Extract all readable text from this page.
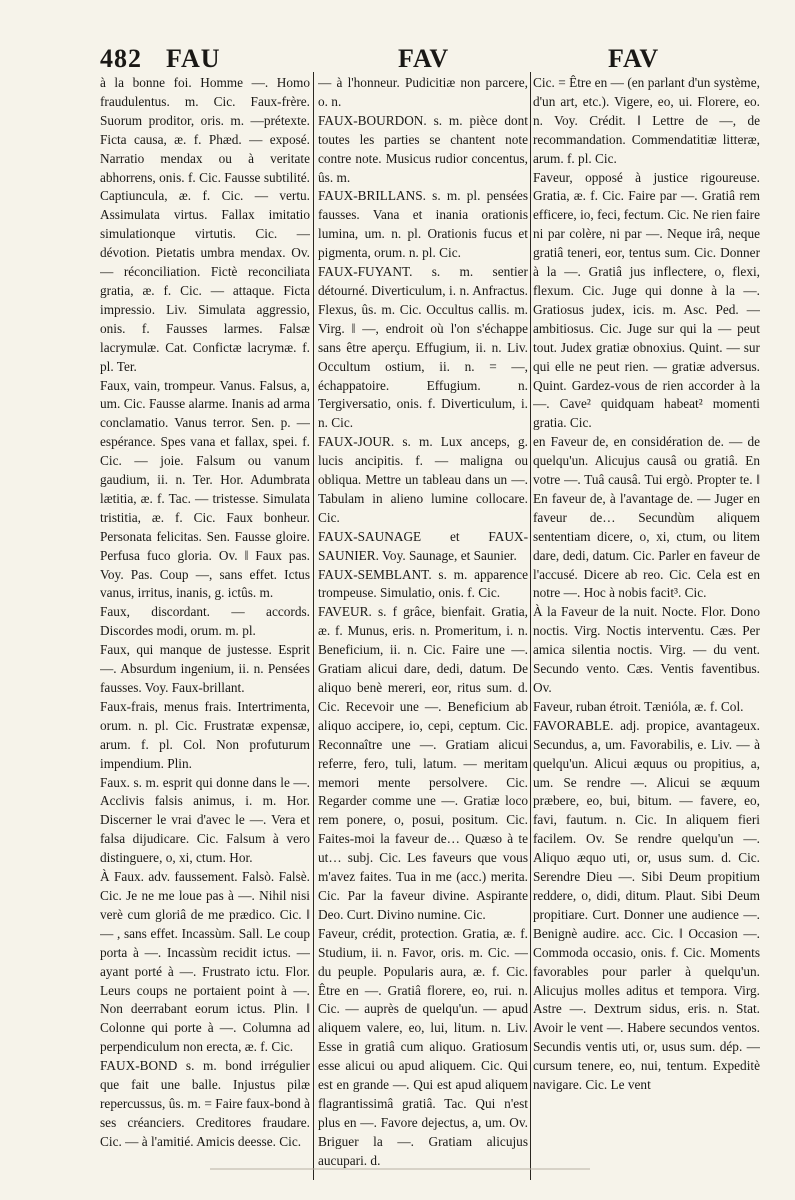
482 FAU	FAV	FAV

à la bonne foi. Homme —. Homo fraudulentus. m. Cic. Faux-frère. Suorum proditor, oris. m. —prétexte. Ficta causa, æ. f. Phæd. — exposé. Narratio mendax ou à veritate abhorrens, onis. f. Cic. Fausse subtilité. Captiuncula, æ. f. Cic. — vertu. Assimulata virtus. Fallax imitatio simulationque virtutis. Cic. — dévotion. Pietatis umbra mendax. Ov. — réconciliation. Fictè reconciliata gratia, æ. f. Cic. — attaque. Ficta impressio. Liv. Simulata aggressio, onis. f. Fausses larmes. Falsæ lacrymulæ. Cat. Confictæ lacrymæ. f. pl. Ter.

Faux, vain, trompeur. Vanus. Falsus, a, um. Cic. Fausse alarme. Inanis ad arma conclamatio. Vanus terror. Sen. p. — espérance. Spes vana et fallax, spei. f. Cic. — joie. Falsum ou vanum gaudium, ii. n. Ter. Hor. Adumbrata lætitia, æ. f. Tac. — tristesse. Simulata tristitia, æ. f. Cic. Faux bonheur. Personata felicitas. Sen. Fausse gloire. Perfusa fuco gloria. Ov. ‖ Faux pas. Voy. Pas. Coup —, sans effet. Ictus vanus, irritus, inanis, g. ictûs. m.

Faux, discordant. — accords. Discordes modi, orum. m. pl.

Faux, qui manque de justesse. Esprit —. Absurdum ingenium, ii. n. Pensées fausses. Voy. Faux-brillant.

Faux-frais, menus frais. Intertrimenta, orum. n. pl. Cic. Frustratæ expensæ, arum. f. pl. Col. Non profuturum impendium. Plin.

Faux. s. m. esprit qui donne dans le —. Acclivis falsis animus, i. m. Hor. Discerner le vrai d'avec le —. Vera et falsa dijudicare. Cic. Falsum à vero distinguere, o, xi, ctum. Hor.

À Faux. adv. faussement. Falsò. Falsè. Cic. Je ne me loue pas à —. Nihil nisi verè cum gloriâ de me prædico. Cic. ‖ — , sans effet. Incassùm. Sall. Le coup porta à —. Incassùm recidit ictus. — ayant porté à —. Frustrato ictu. Flor. Leurs coups ne portaient point à —. Non deerrabant eorum ictus. Plin. ‖ Colonne qui porte à —. Columna ad perpendiculum non erecta, æ. f. Cic.

FAUX-BOND s. m. bond irrégulier que fait une balle. Injustus pilæ repercussus, ûs. m. = Faire faux-bond à ses créanciers. Creditores fraudare. Cic. — à l'amitié. Amicis deesse. Cic.

— à l'honneur. Pudicitiæ non parcere, o. n.

FAUX-BOURDON. s. m. pièce dont toutes les parties se chantent note contre note. Musicus rudior concentus, ûs. m.

FAUX-BRILLANS. s. m. pl. pensées fausses. Vana et inania orationis lumina, um. n. pl. Orationis fucus et pigmenta, orum. n. pl. Cic.

FAUX-FUYANT. s. m. sentier détourné. Diverticulum, i. n. Anfractus. Flexus, ûs. m. Cic. Occultus callis. m. Virg. ‖ —, endroit où l'on s'échappe sans être aperçu. Effugium, ii. n. Liv. Occultum ostium, ii. n. = —, échappatoire. Effugium. n. Tergiversatio, onis. f. Diverticulum, i. n. Cic.

FAUX-JOUR. s. m. Lux anceps, g. lucis ancipitis. f. — maligna ou obliqua. Mettre un tableau dans un —. Tabulam in alieno lumine collocare. Cic.

FAUX-SAUNAGE et FAUX-SAUNIER. Voy. Saunage, et Saunier.

FAUX-SEMBLANT. s. m. apparence trompeuse. Simulatio, onis. f. Cic.

FAVEUR. s. f grâce, bienfait. Gratia, æ. f. Munus, eris. n. Promeritum, i. n. Beneficium, ii. n. Cic. Faire une —. Gratiam alicui dare, dedi, datum. De aliquo benè mereri, eor, ritus sum. d. Cic. Recevoir une —. Beneficium ab aliquo accipere, io, cepi, ceptum. Cic. Reconnaître une —. Gratiam alicui referre, fero, tuli, latum. — meritam memori mente persolvere. Cic. Regarder comme une —. Gratiæ loco rem ponere, o, posui, positum. Cic. Faites-moi la faveur de… Quæso à te ut… subj. Cic. Les faveurs que vous m'avez faites. Tua in me (acc.) merita. Cic. Par la faveur divine. Aspirante Deo. Curt. Divino numine. Cic.

Faveur, crédit, protection. Gratia, æ. f. Studium, ii. n. Favor, oris. m. Cic. — du peuple. Popularis aura, æ. f. Cic. Être en —. Gratiâ florere, eo, rui. n. Cic. — auprès de quelqu'un. — apud aliquem valere, eo, lui, litum. n. Liv. Esse in gratiâ cum aliquo. Gratiosum esse alicui ou apud aliquem. Cic. Qui est en grande —. Qui est apud aliquem flagrantissimâ gratiâ. Tac. Qui n'est plus en —. Favore dejectus, a, um. Ov. Briguer la —. Gratiam alicujus aucupari. d.

Cic. = Être en — (en parlant d'un système, d'un art, etc.). Vigere, eo, ui. Florere, eo. n. Voy. Crédit. ‖ Lettre de —, de recommandation. Commendatitiæ litteræ, arum. f. pl. Cic.

Faveur, opposé à justice rigoureuse. Gratia, æ. f. Cic. Faire par —. Gratiâ rem efficere, io, feci, fectum. Cic. Ne rien faire ni par colère, ni par —. Neque irâ, neque gratiâ teneri, eor, tentus sum. Cic. Donner à la —. Gratiâ jus inflectere, o, flexi, flexum. Cic. Juge qui donne à la —. Gratiosus judex, icis. m. Asc. Ped. — ambitiosus. Cic. Juge sur qui la — peut tout. Judex gratiæ obnoxius. Quint. — sur qui elle ne peut rien. — gratiæ adversus. Quint. Gardez-vous de rien accorder à la —. Cave² quidquam habeat² momenti gratia. Cic.

en Faveur de, en considération de. — de quelqu'un. Alicujus causâ ou gratiâ. En votre —. Tuâ causâ. Tui ergò. Propter te. ‖ En faveur de, à l'avantage de. — Juger en faveur de… Secundùm aliquem sententiam dicere, o, xi, ctum, ou litem dare, dedi, datum. Cic. Parler en faveur de l'accusé. Dicere ab reo. Cic. Cela est en notre —. Hoc à nobis facit³. Cic.

À la Faveur de la nuit. Nocte. Flor. Dono noctis. Virg. Noctis interventu. Cæs. Per amica silentia noctis. Virg. — du vent. Secundo vento. Cæs. Ventis faventibus. Ov.

Faveur, ruban étroit. Tænióla, æ. f. Col.

FAVORABLE. adj. propice, avantageux. Secundus, a, um. Favorabilis, e. Liv. — à quelqu'un. Alicui æquus ou propitius, a, um. Se rendre —. Alicui se æquum præbere, eo, bui, bitum. — favere, eo, favi, fautum. n. Cic. In aliquem fieri facilem. Ov. Se rendre quelqu'un —. Aliquo æquo uti, or, usus sum. d. Cic. Serendre Dieu —. Sibi Deum propitium reddere, o, didi, ditum. Plaut. Sibi Deum propitiare. Curt. Donner une audience —. Benignè audire. acc. Cic. ‖ Occasion —. Commoda occasio, onis. f. Cic. Moments favorables pour parler à quelqu'un. Alicujus molles aditus et tempora. Virg. Astre —. Dextrum sidus, eris. n. Stat. Avoir le vent —. Habere secundos ventos. Secundis ventis uti, or, usus sum. dép. — cursum tenere, eo, nui, tentum. Expeditè navigare. Cic. Le vent
